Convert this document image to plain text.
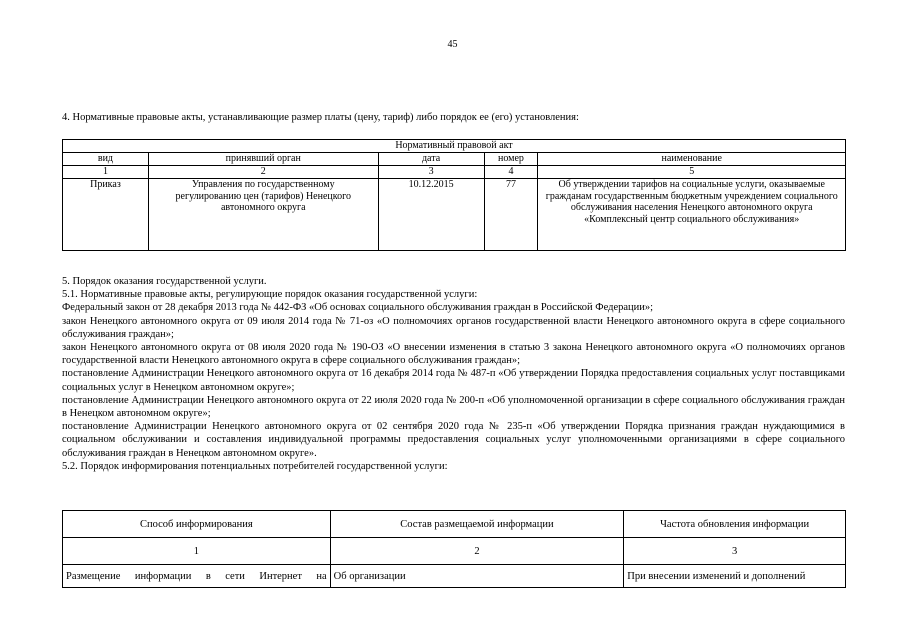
45
4. Нормативные правовые акты, устанавливающие размер платы (цену, тариф) либо порядок ее (его) установления:
Нормативный правовой акт				
вид	принявший орган	дата	номер	наименование
1	2	3	4	5
Приказ	Управления по государственному регулированию цен (тарифов) Ненецкого автономного округа	10.12.2015	77	Об утверждении тарифов на социальные услуги, оказываемые гражданам государственным бюджетным учреждением социального обслуживания населения Ненецкого автономного округа «Комплексный центр социального обслуживания»

5. Порядок оказания государственной услуги.

5.1. Нормативные правовые акты, регулирующие порядок оказания государственной услуги:

Федеральный закон от 28 декабря 2013 года № 442-ФЗ «Об основах социального обслуживания граждан в Российской Федерации»;

закон Ненецкого автономного округа от 09 июля 2014 года № 71-оз «О полномочиях органов государственной власти Ненецкого автономного округа в сфере социального обслуживания граждан»;

закон Ненецкого автономного округа от 08 июля 2020 года № 190-ОЗ «О внесении изменения в статью 3 закона Ненецкого автономного округа «О полномочиях органов государственной власти Ненецкого автономного округа в сфере социального обслуживания граждан»;

постановление Администрации Ненецкого автономного округа от 16 декабря 2014 года № 487-п «Об утверждении Порядка предоставления социальных услуг поставщиками социальных услуг в Ненецком автономном округе»;

постановление Администрации Ненецкого автономного округа от 22 июля 2020 года № 200-п «Об уполномоченной организации в сфере социального обслуживания граждан в Ненецком автономном округе»;

постановление Администрации Ненецкого автономного округа от 02 сентября 2020 года № 235-п «Об утверждении Порядка признания граждан нуждающимися в социальном обслуживании и составления индивидуальной программы предоставления социальных услуг уполномоченными организациями в сфере социального обслуживания граждан в Ненецком автономном округе».

5.2. Порядок информирования потенциальных потребителей государственной услуги:

Способ информирования	Состав размещаемой информации	Частота обновления информации
1	2	3
Размещение информации в сети Интернет на	Об организации	При внесении изменений и дополнений
